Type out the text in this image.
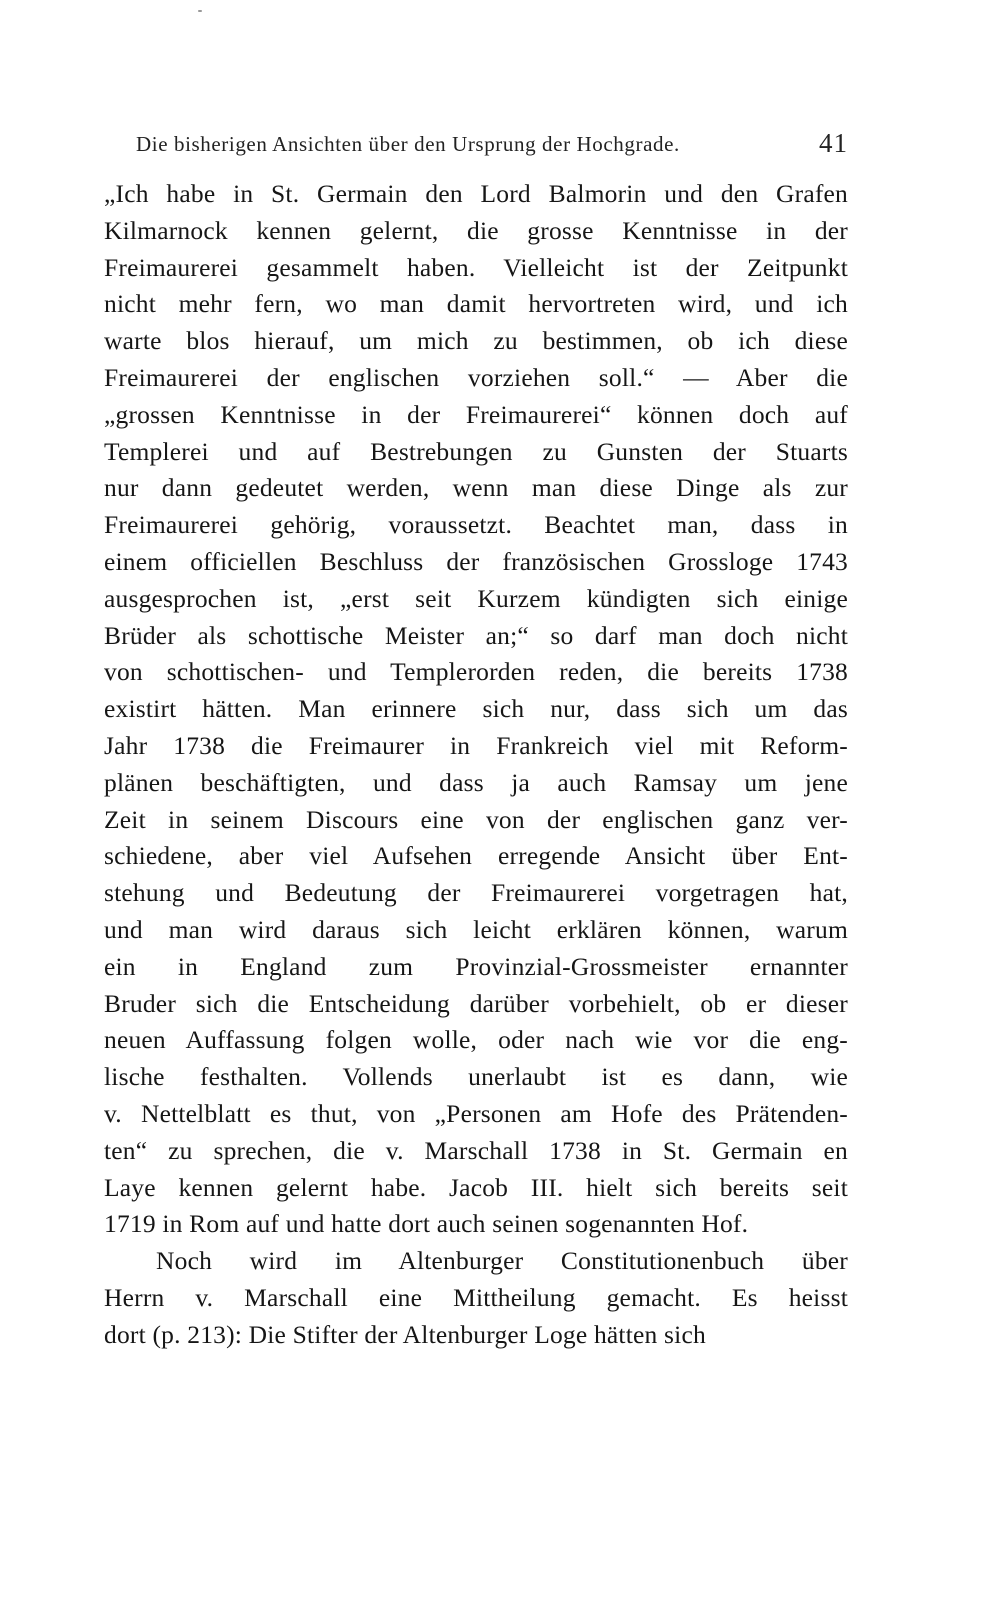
Die bisherigen Ansichten über den Ursprung der Hochgrade.	41
„Ich habe in St. Germain den Lord Balmorin und den Grafen
Kilmarnock kennen gelernt, die grosse Kenntnisse in der
Freimaurerei gesammelt haben. Vielleicht ist der Zeitpunkt
nicht mehr fern, wo man damit hervortreten wird, und ich
warte blos hierauf, um mich zu bestimmen, ob ich diese
Freimaurerei der englischen vorziehen soll.“ — Aber die
„grossen Kenntnisse in der Freimaurerei“ können doch auf
Templerei und auf Bestrebungen zu Gunsten der Stuarts
nur dann gedeutet werden, wenn man diese Dinge als zur
Freimaurerei gehörig, voraussetzt. Beachtet man, dass in
einem officiellen Beschluss der französischen Grossloge 1743
ausgesprochen ist, „erst seit Kurzem kündigten sich einige
Brüder als schottische Meister an;“ so darf man doch nicht
von schottischen- und Templerorden reden, die bereits 1738
existirt hätten. Man erinnere sich nur, dass sich um das
Jahr 1738 die Freimaurer in Frankreich viel mit Reform-
plänen beschäftigten, und dass ja auch Ramsay um jene
Zeit in seinem Discours eine von der englischen ganz ver-
schiedene, aber viel Aufsehen erregende Ansicht über Ent-
stehung und Bedeutung der Freimaurerei vorgetragen hat,
und man wird daraus sich leicht erklären können, warum
ein in England zum Provinzial-Grossmeister ernannter
Bruder sich die Entscheidung darüber vorbehielt, ob er dieser
neuen Auffassung folgen wolle, oder nach wie vor die eng-
lische festhalten. Vollends unerlaubt ist es dann, wie
v. Nettelblatt es thut, von „Personen am Hofe des Prätenden-
ten“ zu sprechen, die v. Marschall 1738 in St. Germain en
Laye kennen gelernt habe. Jacob III. hielt sich bereits seit
1719 in Rom auf und hatte dort auch seinen sogenannten Hof.
Noch wird im Altenburger Constitutionenbuch über
Herrn v. Marschall eine Mittheilung gemacht. Es heisst
dort (p. 213): Die Stifter der Altenburger Loge hätten sich
